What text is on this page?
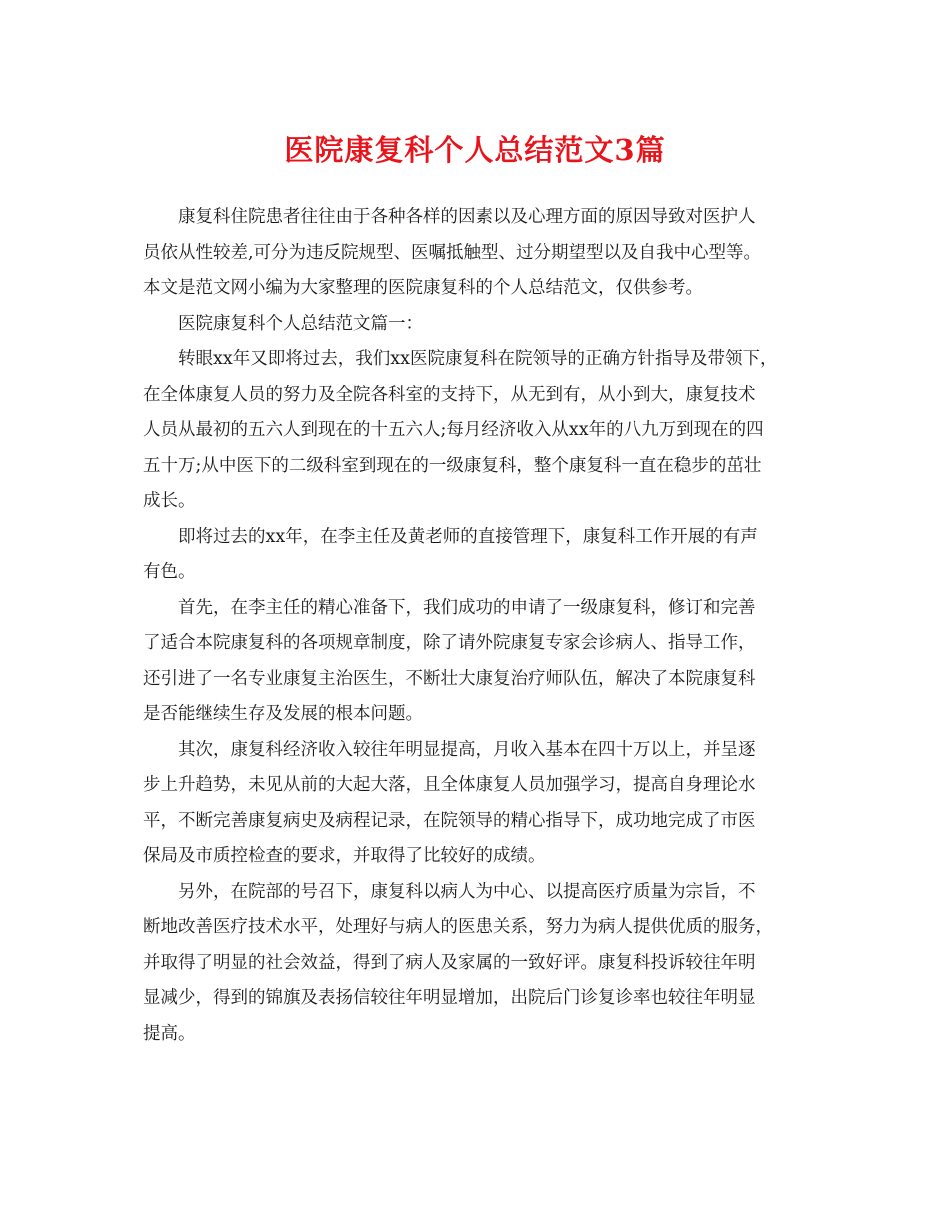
医院康复科个人总结范文3篇
康复科住院患者往往由于各种各样的因素以及心理方面的原因导致对医护人
员依从性较差,可分为违反院规型、医嘱抵触型、过分期望型以及自我中心型等。
本文是范文网小编为大家整理的医院康复科的个人总结范文，仅供参考。
医院康复科个人总结范文篇一：
转眼xx年又即将过去，我们xx医院康复科在院领导的正确方针指导及带领下，
在全体康复人员的努力及全院各科室的支持下，从无到有，从小到大，康复技术
人员从最初的五六人到现在的十五六人;每月经济收入从xx年的八九万到现在的四
五十万;从中医下的二级科室到现在的一级康复科，整个康复科一直在稳步的茁壮
成长。
即将过去的xx年，在李主任及黄老师的直接管理下，康复科工作开展的有声
有色。
首先，在李主任的精心准备下，我们成功的申请了一级康复科，修订和完善
了适合本院康复科的各项规章制度，除了请外院康复专家会诊病人、指导工作，
还引进了一名专业康复主治医生，不断壮大康复治疗师队伍，解决了本院康复科
是否能继续生存及发展的根本问题。
其次，康复科经济收入较往年明显提高，月收入基本在四十万以上，并呈逐
步上升趋势，未见从前的大起大落，且全体康复人员加强学习，提高自身理论水
平，不断完善康复病史及病程记录，在院领导的精心指导下，成功地完成了市医
保局及市质控检查的要求，并取得了比较好的成绩。
另外，在院部的号召下，康复科以病人为中心、以提高医疗质量为宗旨，不
断地改善医疗技术水平，处理好与病人的医患关系，努力为病人提供优质的服务，
并取得了明显的社会效益，得到了病人及家属的一致好评。康复科投诉较往年明
显减少，得到的锦旗及表扬信较往年明显增加，出院后门诊复诊率也较往年明显
提高。
